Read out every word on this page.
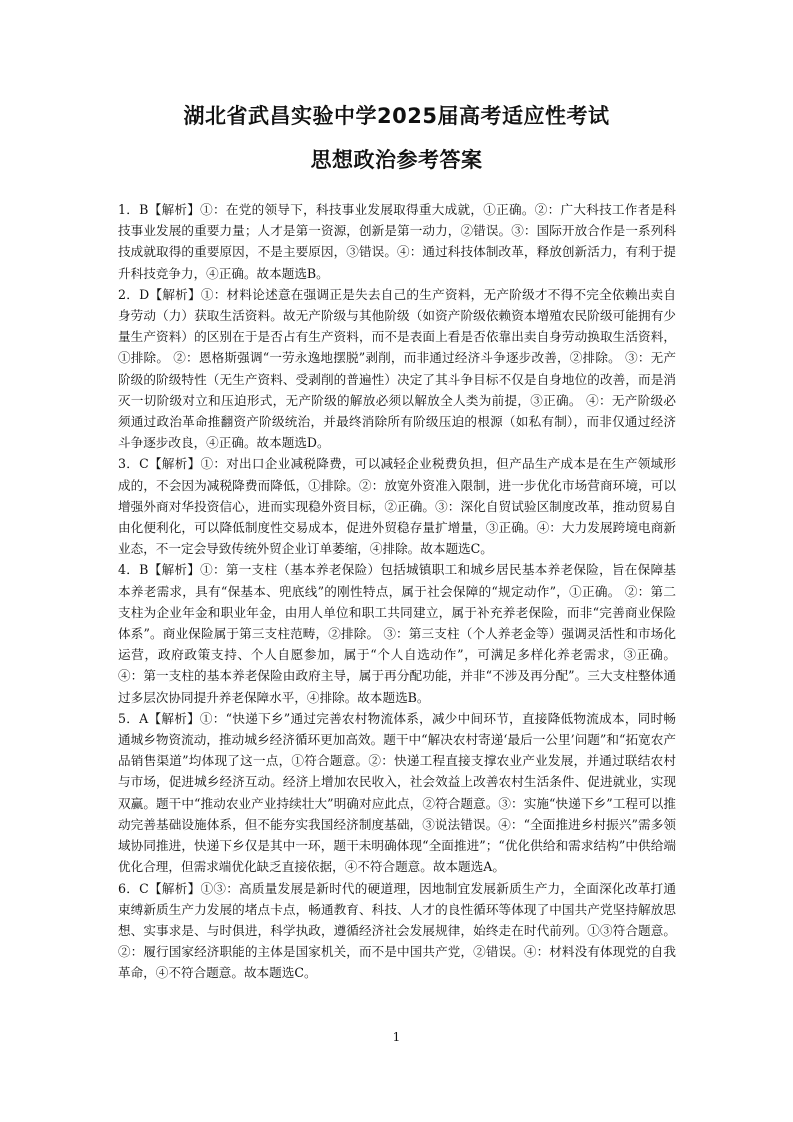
湖北省武昌实验中学2025届高考适应性考试
思想政治参考答案

1．B【解析】①：在党的领导下，科技事业发展取得重大成就，①正确。②：广大科技工作者是科技事业发展的重要力量；人才是第一资源，创新是第一动力，②错误。③：国际开放合作是一系列科技成就取得的重要原因，不是主要原因，③错误。④：通过科技体制改革，释放创新活力，有利于提升科技竞争力，④正确。故本题选B。

2．D【解析】①：材料论述意在强调正是失去自己的生产资料，无产阶级才不得不完全依赖出卖自身劳动（力）获取生活资料。故无产阶级与其他阶级（如资产阶级依赖资本增殖农民阶级可能拥有少量生产资料）的区别在于是否占有生产资料，而不是表面上看是否依靠出卖自身劳动换取生活资料，①排除。 ②：恩格斯强调“一劳永逸地摆脱”剥削，而非通过经济斗争逐步改善，②排除。 ③：无产阶级的阶级特性（无生产资料、受剥削的普遍性）决定了其斗争目标不仅是自身地位的改善，而是消灭一切阶级对立和压迫形式，无产阶级的解放必须以解放全人类为前提，③正确。 ④：无产阶级必须通过政治革命推翻资产阶级统治，并最终消除所有阶级压迫的根源（如私有制），而非仅通过经济斗争逐步改良，④正确。故本题选D。

3．C【解析】①：对出口企业减税降费，可以减轻企业税费负担，但产品生产成本是在生产领域形成的，不会因为减税降费而降低，①排除。②：放宽外资准入限制，进一步优化市场营商环境，可以增强外商对华投资信心，进而实现稳外资目标，②正确。③：深化自贸试验区制度改革，推动贸易自由化便利化，可以降低制度性交易成本，促进外贸稳存量扩增量，③正确。④：大力发展跨境电商新业态，不一定会导致传统外贸企业订单萎缩，④排除。故本题选C。

4．B【解析】①：第一支柱（基本养老保险）包括城镇职工和城乡居民基本养老保险，旨在保障基本养老需求，具有“保基本、兜底线”的刚性特点，属于社会保障的“规定动作”，①正确。 ②：第二支柱为企业年金和职业年金，由用人单位和职工共同建立，属于补充养老保险，而非“完善商业保险体系”。商业保险属于第三支柱范畴，②排除。 ③：第三支柱（个人养老金等）强调灵活性和市场化运营，政府政策支持、个人自愿参加，属于“个人自选动作”，可满足多样化养老需求，③正确。 ④：第一支柱的基本养老保险由政府主导，属于再分配功能，并非“不涉及再分配”。三大支柱整体通过多层次协同提升养老保障水平，④排除。故本题选B。

5．A【解析】①：“快递下乡”通过完善农村物流体系，减少中间环节，直接降低物流成本，同时畅通城乡物资流动，推动城乡经济循环更加高效。题干中“解决农村寄递‘最后一公里’问题”和“拓宽农产品销售渠道”均体现了这一点，①符合题意。②：快递工程直接支撑农业产业发展，并通过联结农村与市场，促进城乡经济互动。经济上增加农民收入，社会效益上改善农村生活条件、促进就业，实现双赢。题干中“推动农业产业持续壮大”明确对应此点，②符合题意。③：实施“快递下乡”工程可以推动完善基础设施体系，但不能夯实我国经济制度基础，③说法错误。④：“全面推进乡村振兴”需多领域协同推进，快递下乡仅是其中一环，题干未明确体现“全面推进”；“优化供给和需求结构”中供给端优化合理，但需求端优化缺乏直接依据，④不符合题意。故本题选A。

6．C【解析】①③：高质量发展是新时代的硬道理，因地制宜发展新质生产力，全面深化改革打通束缚新质生产力发展的堵点卡点，畅通教育、科技、人才的良性循环等体现了中国共产党坚持解放思想、实事求是、与时俱进，科学执政，遵循经济社会发展规律，始终走在时代前列。①③符合题意。②：履行国家经济职能的主体是国家机关，而不是中国共产党，②错误。④：材料没有体现党的自我革命，④不符合题意。故本题选C。

1
